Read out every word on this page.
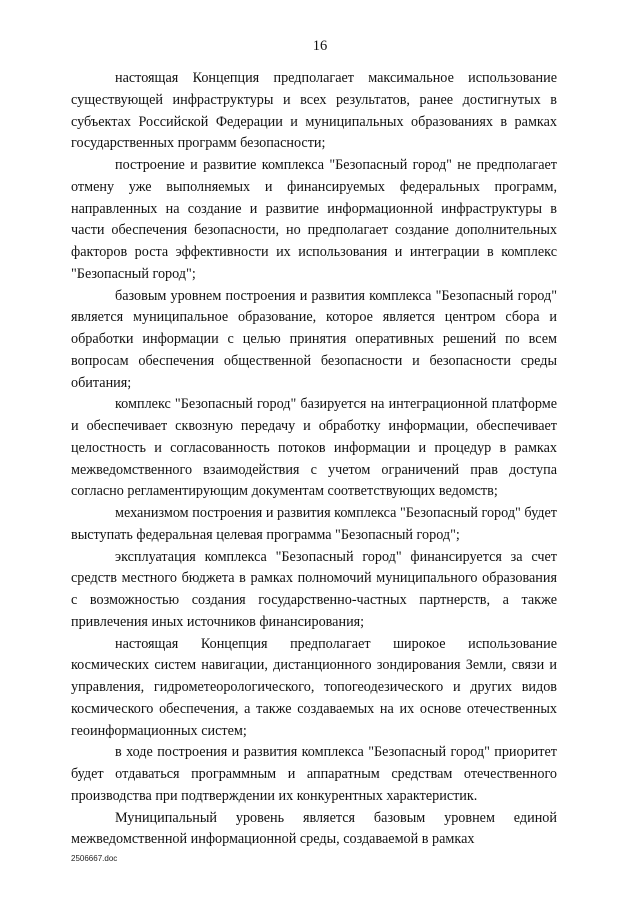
16

настоящая Концепция предполагает максимальное использование существующей инфраструктуры и всех результатов, ранее достигнутых в субъектах Российской Федерации и муниципальных образованиях в рамках государственных программ безопасности;

построение и развитие комплекса "Безопасный город" не предполагает отмену уже выполняемых и финансируемых федеральных программ, направленных на создание и развитие информационной инфраструктуры в части обеспечения безопасности, но предполагает создание дополнительных факторов роста эффективности их использования и интеграции в комплекс "Безопасный город";

базовым уровнем построения и развития комплекса "Безопасный город" является муниципальное образование, которое является центром сбора и обработки информации с целью принятия оперативных решений по всем вопросам обеспечения общественной безопасности и безопасности среды обитания;

комплекс "Безопасный город" базируется на интеграционной платформе и обеспечивает сквозную передачу и обработку информации, обеспечивает целостность и согласованность потоков информации и процедур в рамках межведомственного взаимодействия с учетом ограничений прав доступа согласно регламентирующим документам соответствующих ведомств;

механизмом построения и развития комплекса "Безопасный город" будет выступать федеральная целевая программа "Безопасный город";

эксплуатация комплекса "Безопасный город" финансируется за счет средств местного бюджета в рамках полномочий муниципального образования с возможностью создания государственно-частных партнерств, а также привлечения иных источников финансирования;

настоящая Концепция предполагает широкое использование космических систем навигации, дистанционного зондирования Земли, связи и управления, гидрометеорологического, топогеодезического и других видов космического обеспечения, а также создаваемых на их основе отечественных геоинформационных систем;

в ходе построения и развития комплекса "Безопасный город" приоритет будет отдаваться программным и аппаратным средствам отечественного производства при подтверждении их конкурентных характеристик.

Муниципальный уровень является базовым уровнем единой межведомственной информационной среды, создаваемой в рамках

2506667.doc
